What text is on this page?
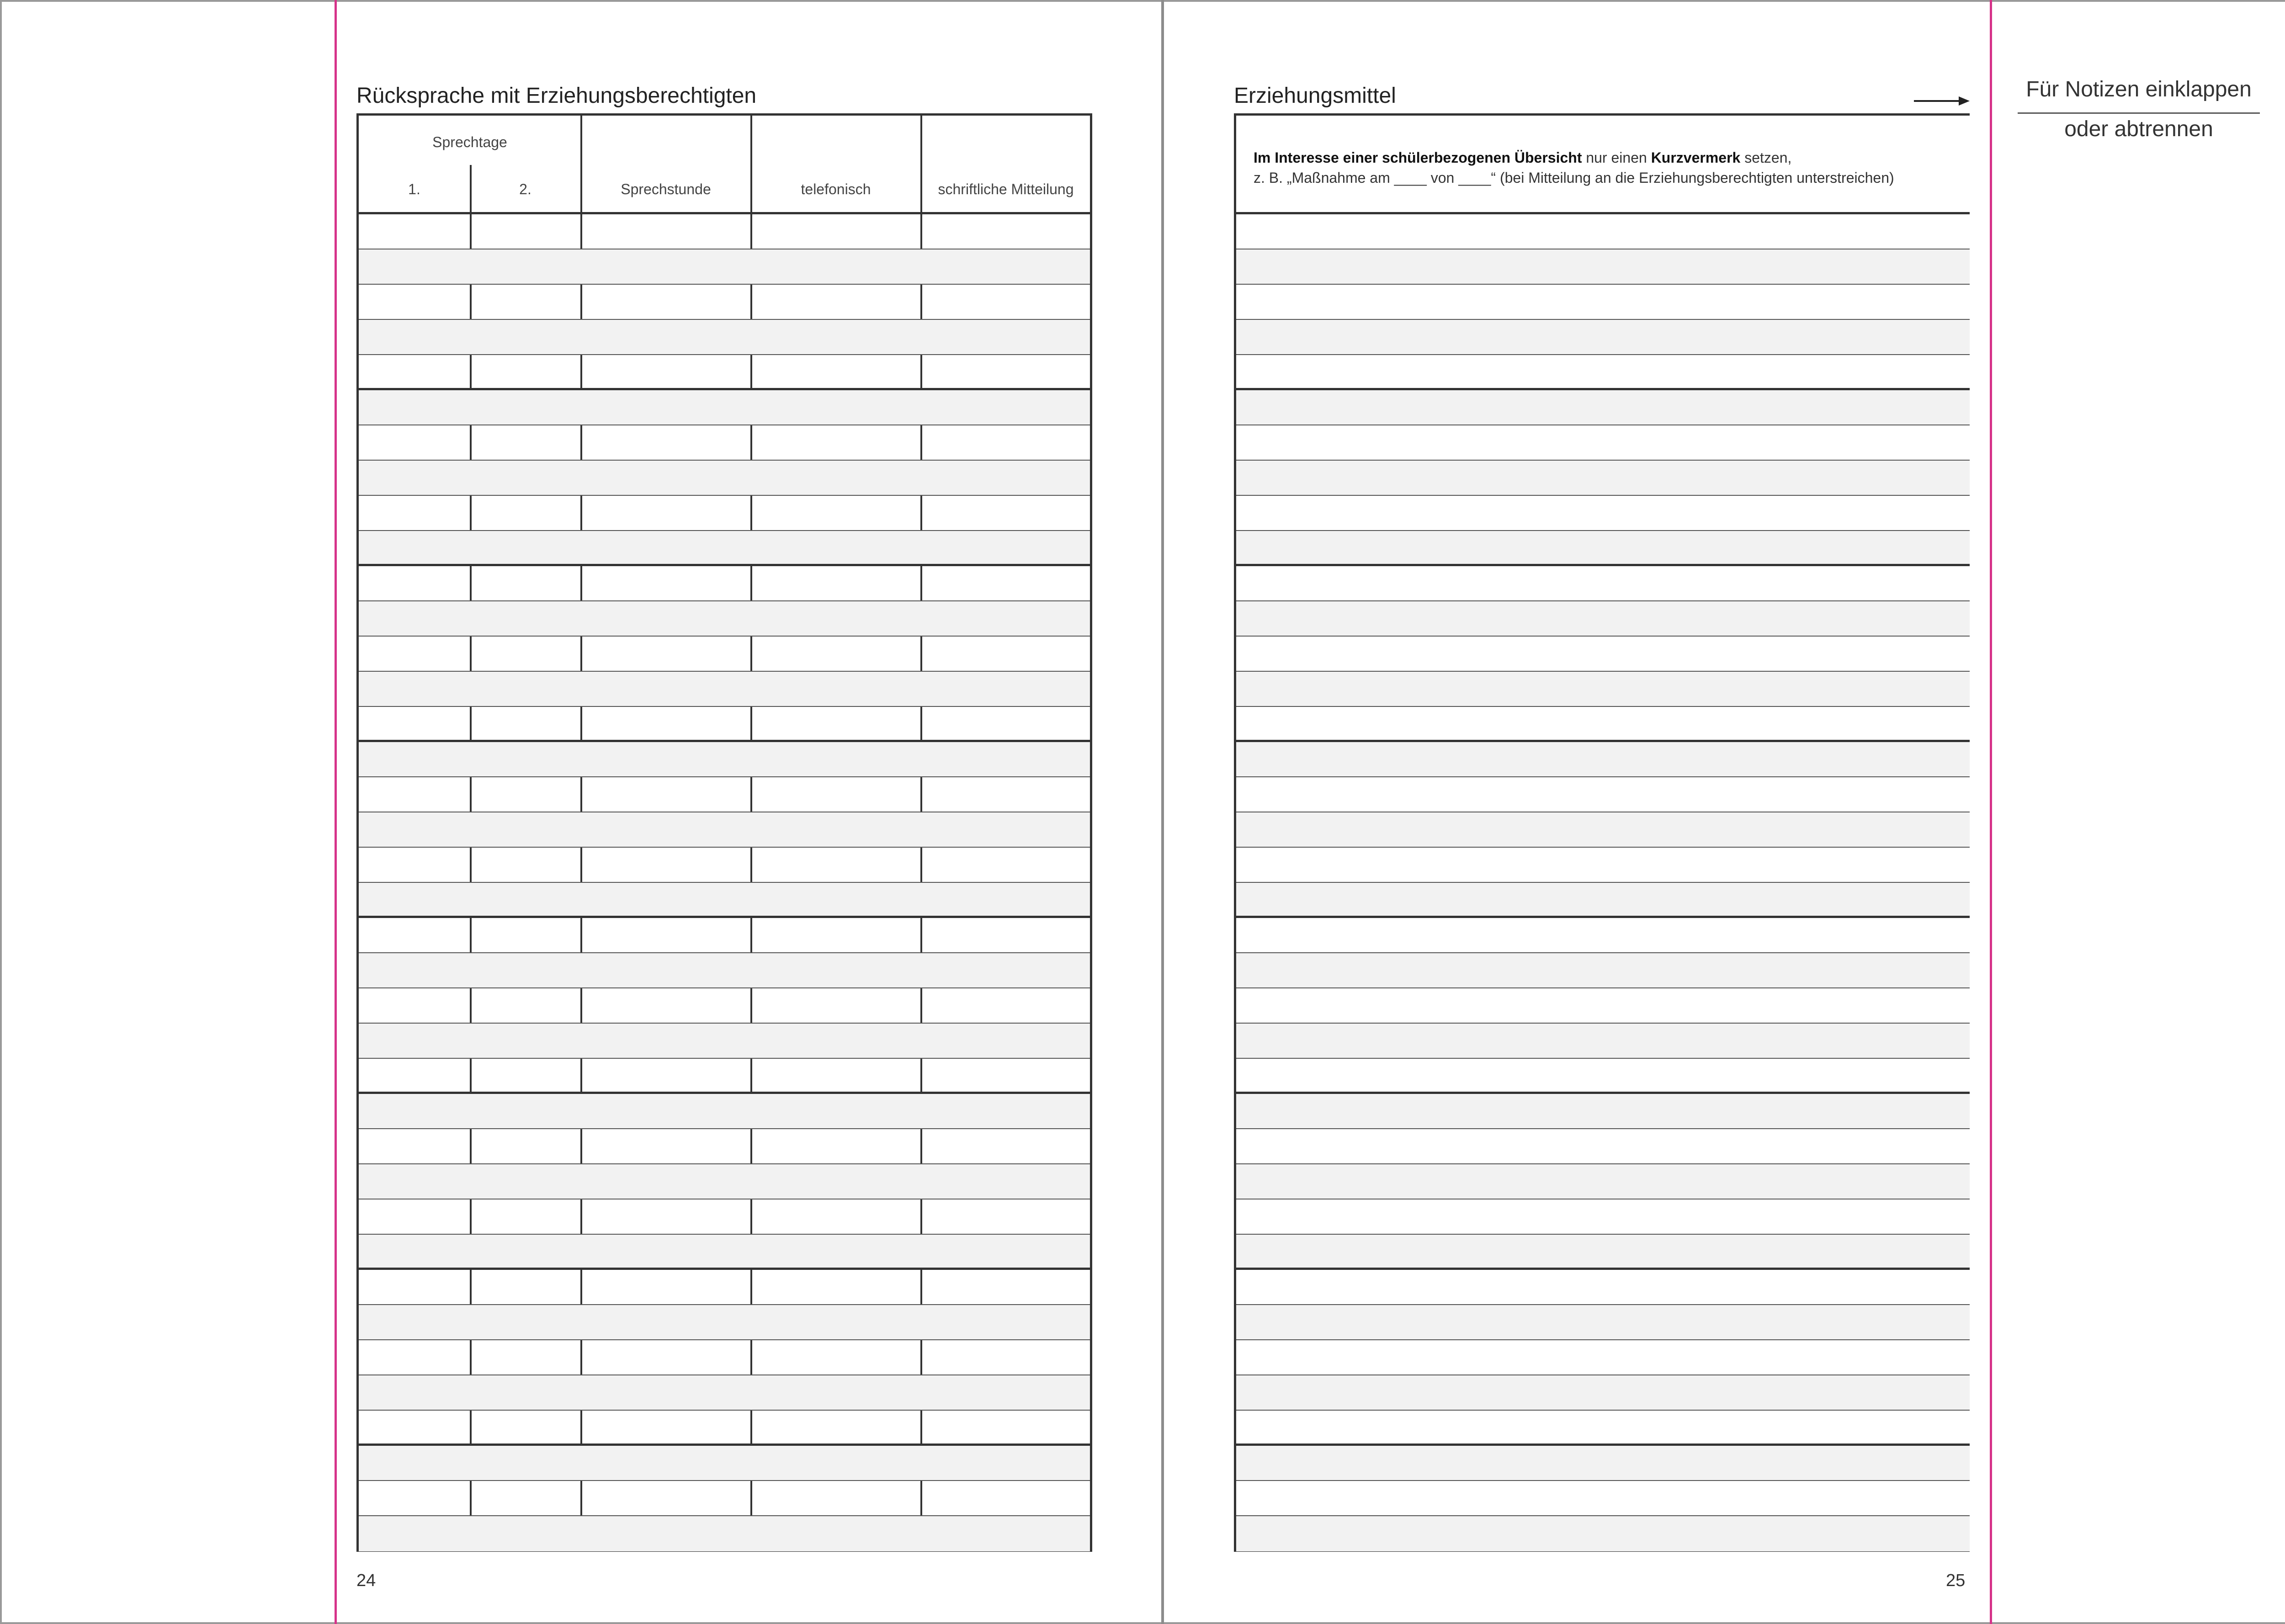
Rücksprache mit Erziehungsberechtigten
Sprechtage
1.	2.	Sprechstunde	telefonisch	schriftliche Mitteilung
24
Erziehungsmittel
Im Interesse einer schülerbezogenen Übersicht nur einen Kurzvermerk setzen,
z. B. „Maßnahme am ____ von ____“ (bei Mitteilung an die Erziehungsberechtigten unterstreichen)
25
Für Notizen einklappen
oder abtrennen
